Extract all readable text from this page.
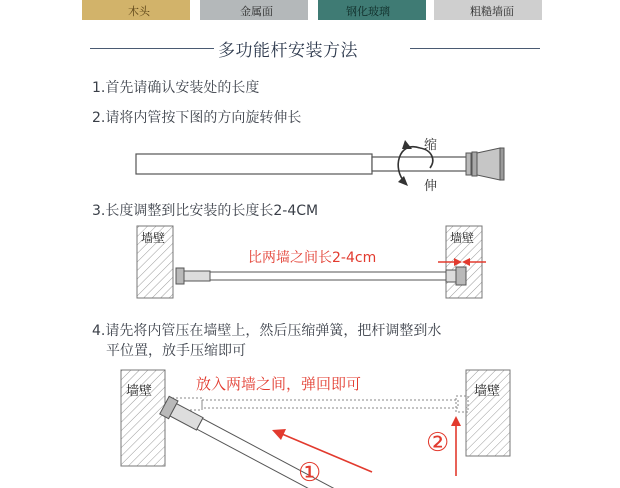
木头	金属面	钢化玻璃	粗糙墙面
多功能杆安装方法
1.首先请确认安装处的长度
2.请将内管按下图的方向旋转伸长
3.长度调整到比安装的长度长2-4CM
4.请先将内管压在墙壁上，然后压缩弹簧，把杆调整到水
平位置，放手压缩即可
缩
伸
墙壁	墙壁
比两墙之间长2-4cm
墙壁	墙壁
放入两墙之间，弹回即可
②
①
